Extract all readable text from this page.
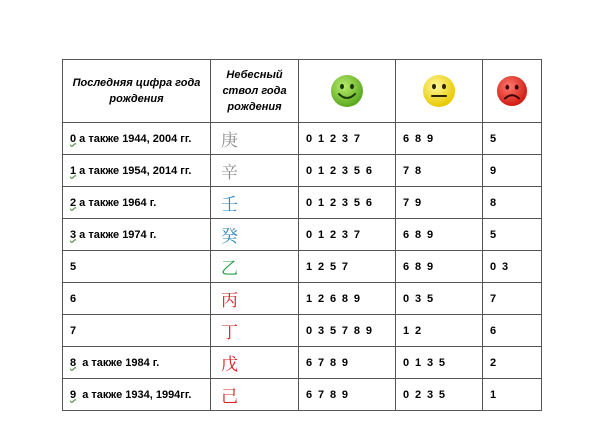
Последняя цифра года рождения	Небесный ствол года рождения

0 а также 1944, 2004 гг.	庚	0 1 2 3 7	6 8 9	5
1 а также 1954, 2014 гг.	辛	0 1 2 3 5 6	7 8	9
2 а также 1964 г.	壬	0 1 2 3 5 6	7 9	8
3 а также 1974 г.	癸	0 1 2 3 7	6 8 9	5
5	乙	1 2 5 7	6 8 9	0 3
6	丙	1 2 6 8 9	0 3 5	7
7	丁	0 3 5 7 8 9	1 2	6
8  а также 1984 г.	戊	6 7 8 9	0 1 3 5	2
9  а также 1934, 1994гг.	己	6 7 8 9	0 2 3 5	1
